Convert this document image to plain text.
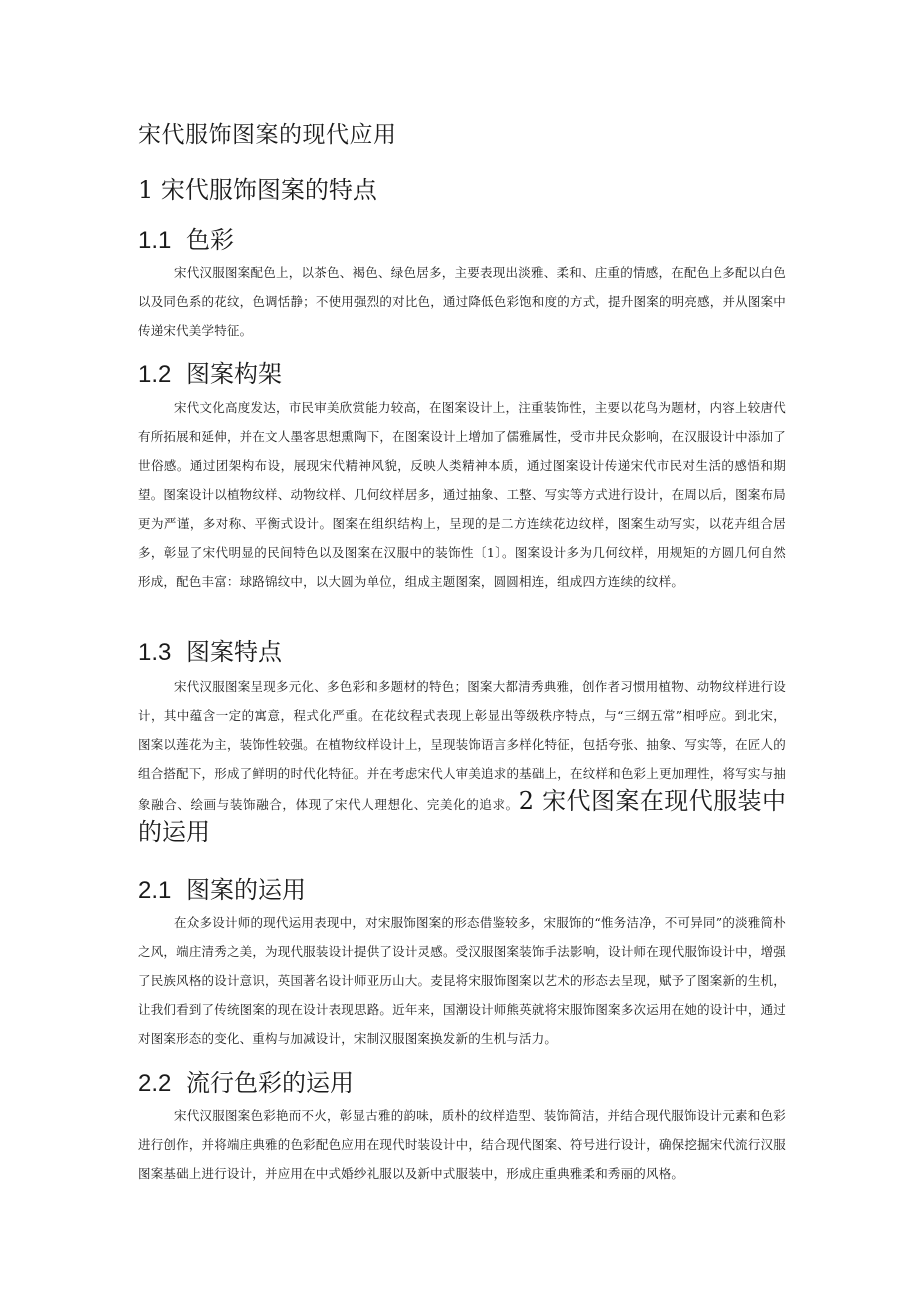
宋代服饰图案的现代应用
1 宋代服饰图案的特点
1.1 色彩

宋代汉服图案配色上，以茶色、褐色、绿色居多，主要表现出淡雅、柔和、庄重的情感，在配色上多配以白色以及同色系的花纹，色调恬静；不使用强烈的对比色，通过降低色彩饱和度的方式，提升图案的明亮感，并从图案中传递宋代美学特征。

1.2 图案构架

宋代文化高度发达，市民审美欣赏能力较高，在图案设计上，注重装饰性，主要以花鸟为题材，内容上较唐代有所拓展和延伸，并在文人墨客思想熏陶下，在图案设计上增加了儒雅属性，受市井民众影响，在汉服设计中添加了世俗感。通过团架构布设，展现宋代精神风貌，反映人类精神本质，通过图案设计传递宋代市民对生活的感悟和期望。图案设计以植物纹样、动物纹样、几何纹样居多，通过抽象、工整、写实等方式进行设计，在周以后，图案布局更为严谨，多对称、平衡式设计。图案在组织结构上，呈现的是二方连续花边纹样，图案生动写实，以花卉组合居多，彰显了宋代明显的民间特色以及图案在汉服中的装饰性〔1〕。图案设计多为几何纹样，用规矩的方圆几何自然形成，配色丰富：球路锦纹中，以大圆为单位，组成主题图案，圆圆相连，组成四方连续的纹样。

1.3 图案特点

宋代汉服图案呈现多元化、多色彩和多题材的特色；图案大都清秀典雅，创作者习惯用植物、动物纹样进行设计，其中蕴含一定的寓意，程式化严重。在花纹程式表现上彰显出等级秩序特点，与“三纲五常”相呼应。到北宋，图案以莲花为主，装饰性较强。在植物纹样设计上，呈现装饰语言多样化特征，包括夸张、抽象、写实等，在匠人的组合搭配下，形成了鲜明的时代化特征。并在考虑宋代人审美追求的基础上，在纹样和色彩上更加理性，将写实与抽象融合、绘画与装饰融合，体现了宋代人理想化、完美化的追求。2 宋代图案在现代服装中的运用

2.1 图案的运用

在众多设计师的现代运用表现中，对宋服饰图案的形态借鉴较多，宋服饰的“惟务洁净，不可异同”的淡雅简朴之风，端庄清秀之美，为现代服装设计提供了设计灵感。受汉服图案装饰手法影响，设计师在现代服饰设计中，增强了民族风格的设计意识，英国著名设计师亚历山大。麦昆将宋服饰图案以艺术的形态去呈现，赋予了图案新的生机，让我们看到了传统图案的现在设计表现思路。近年来，国潮设计师熊英就将宋服饰图案多次运用在她的设计中，通过对图案形态的变化、重构与加减设计，宋制汉服图案换发新的生机与活力。

2.2 流行色彩的运用

宋代汉服图案色彩艳而不火，彰显古雅的韵味，质朴的纹样造型、装饰简洁，并结合现代服饰设计元素和色彩进行创作，并将端庄典雅的色彩配色应用在现代时装设计中，结合现代图案、符号进行设计，确保挖掘宋代流行汉服图案基础上进行设计，并应用在中式婚纱礼服以及新中式服装中，形成庄重典雅柔和秀丽的风格。
